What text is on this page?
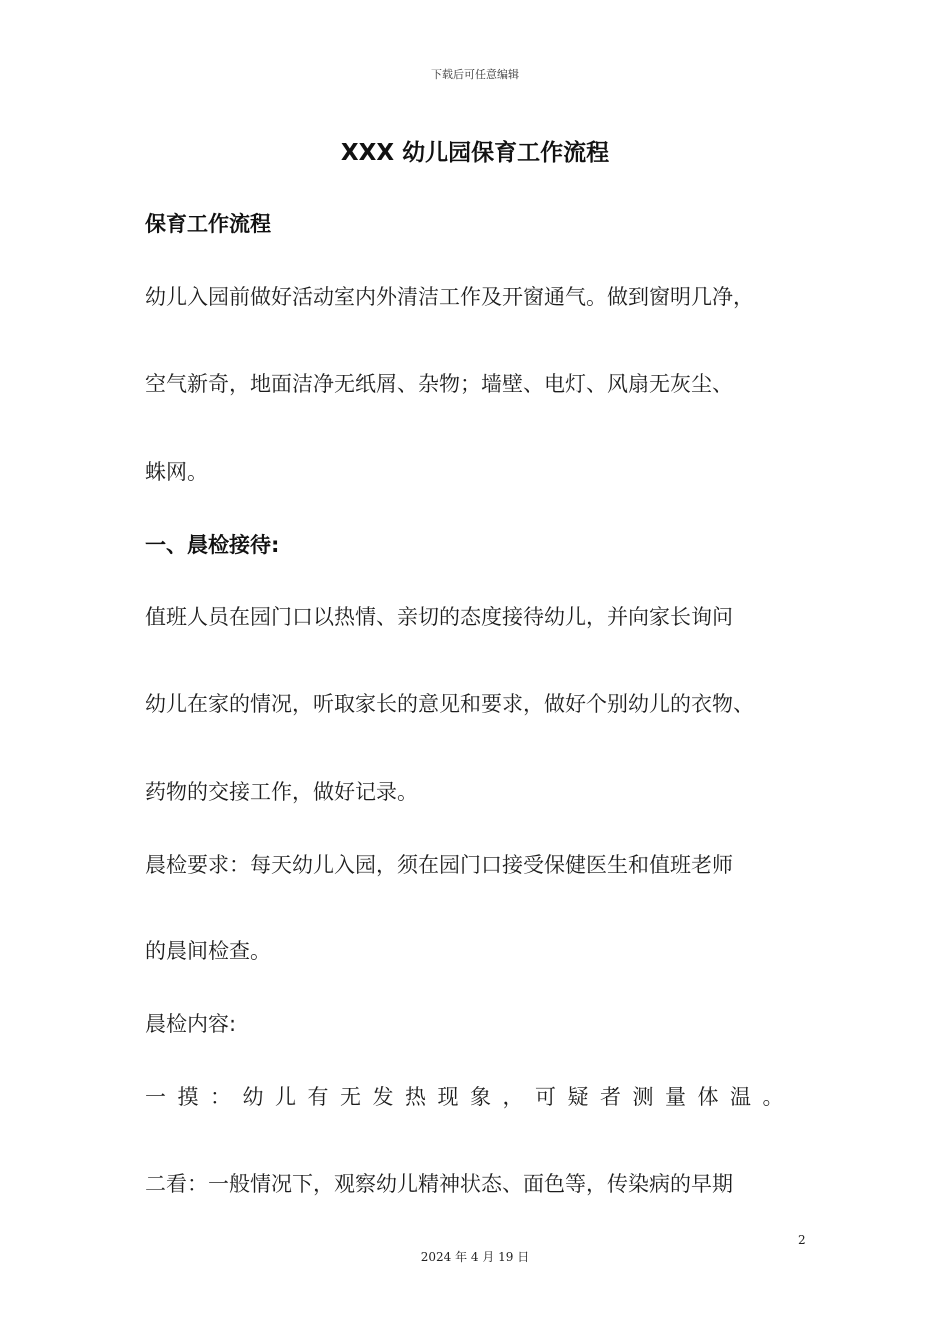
下载后可任意编辑
XXX 幼儿园保育工作流程
保育工作流程
幼儿入园前做好活动室内外清洁工作及开窗通气。做到窗明几净，
空气新奇，地面洁净无纸屑、杂物；墙壁、电灯、风扇无灰尘、
蛛网。
一、晨检接待:
值班人员在园门口以热情、亲切的态度接待幼儿，并向家长询问
幼儿在家的情况，听取家长的意见和要求，做好个别幼儿的衣物、
药物的交接工作，做好记录。
晨检要求：每天幼儿入园，须在园门口接受保健医生和值班老师
的晨间检查。
晨检内容:
一摸：幼儿有无发热现象，可疑者测量体温。
二看：一般情况下，观察幼儿精神状态、面色等，传染病的早期
2
2024 年 4 月 19 日
